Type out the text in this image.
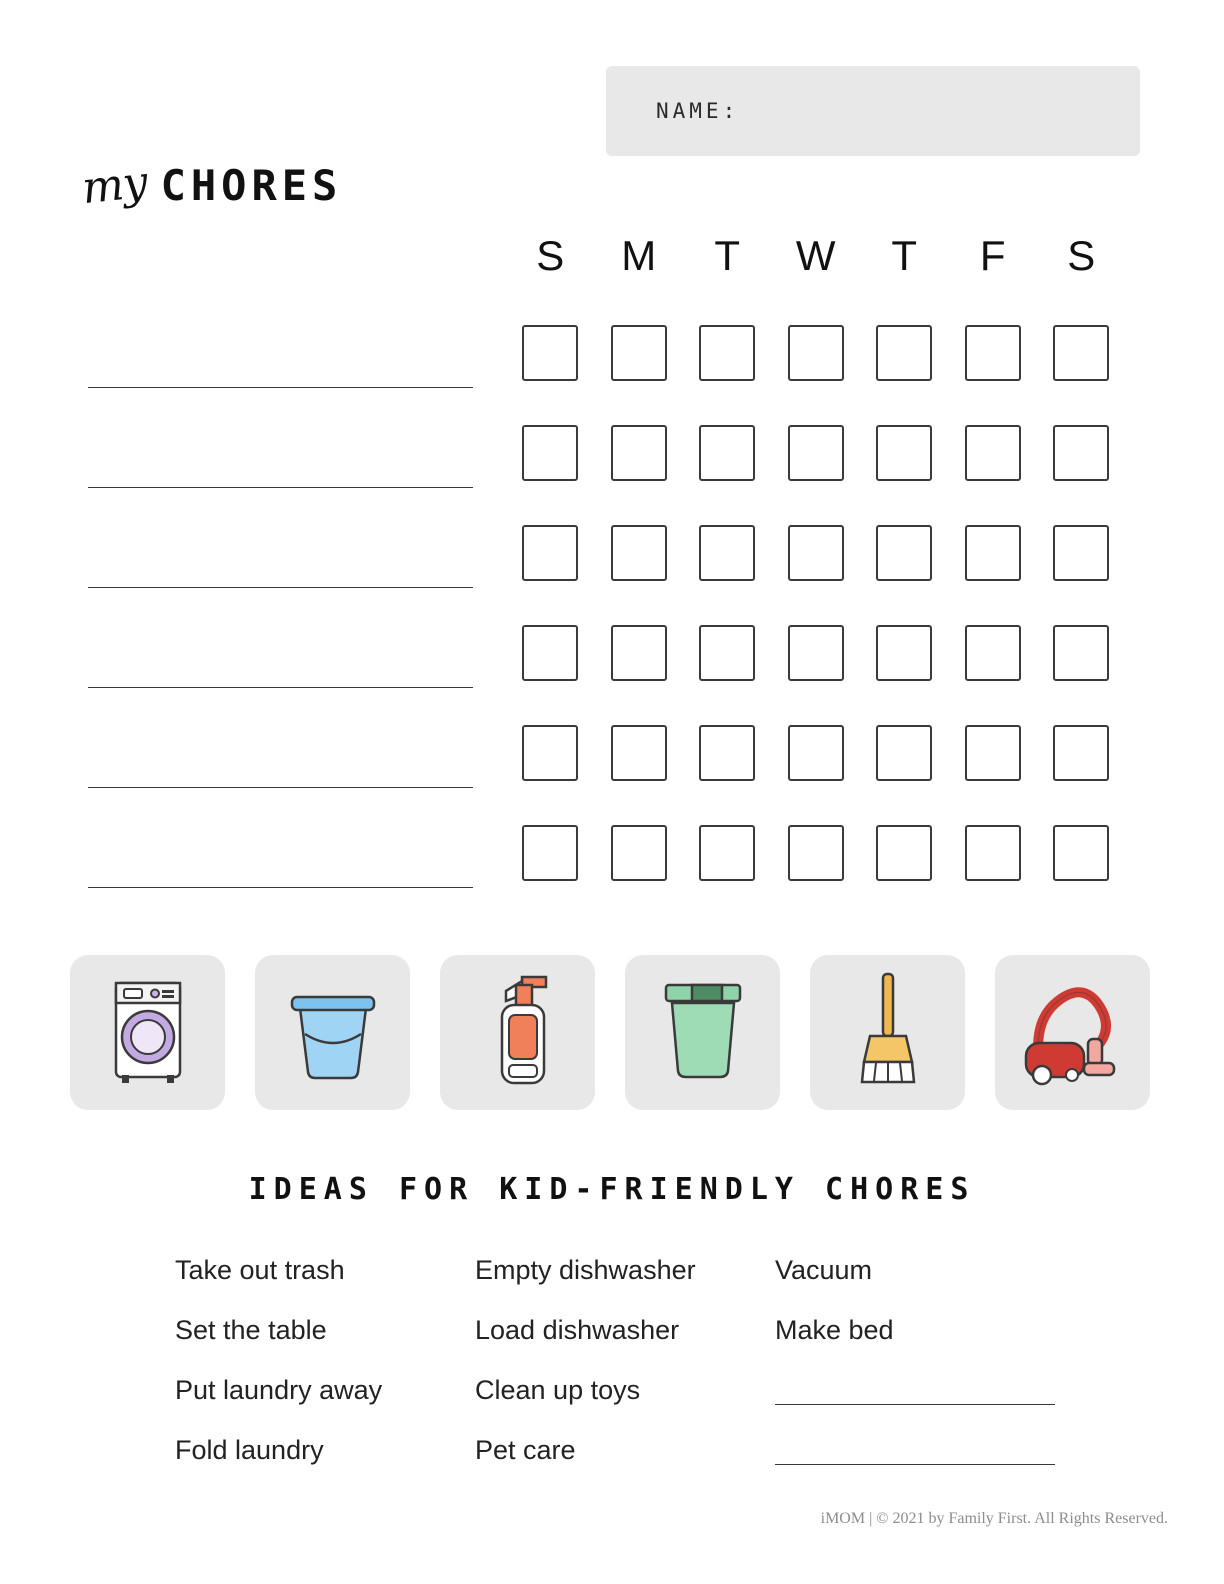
NAME:
my CHORES
S	M	T	W	T	F	S
IDEAS FOR KID-FRIENDLY CHORES
Take out trash
Set the table
Put laundry away
Fold laundry
Empty dishwasher
Load dishwasher
Clean up toys
Pet care
Vacuum
Make bed
iMOM | © 2021 by Family First. All Rights Reserved.
